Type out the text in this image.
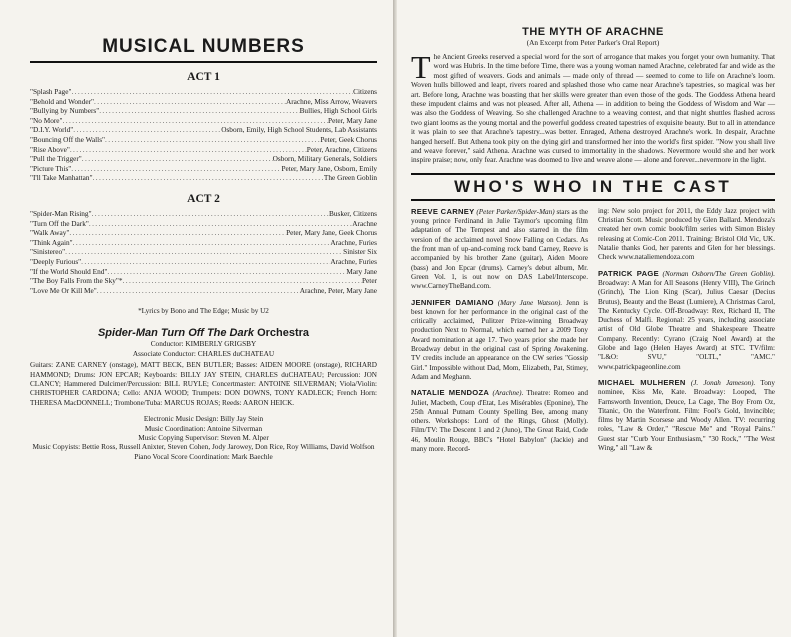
MUSICAL NUMBERS
ACT 1
"Splash Page" .....	Citizens
"Behold and Wonder" .....	Arachne, Miss Arrow, Weavers
"Bullying by Numbers" .....	Bullies, High School Girls
"No More" .....	Peter, Mary Jane
"D.I.Y. World" .....	Osborn, Emily, High School Students, Lab Assistants
"Bouncing Off the Walls" .....	Peter, Geek Chorus
"Rise Above" .....	Peter, Arachne, Citizens
"Pull the Trigger" .....	Osborn, Military Generals, Soldiers
"Picture This" .....	Peter, Mary Jane, Osborn, Emily
"I'll Take Manhattan" .....	The Green Goblin
ACT 2
"Spider-Man Rising" .....	Busker, Citizens
"Turn Off the Dark" .....	Arachne
"Walk Away" .....	Peter, Mary Jane, Geek Chorus
"Think Again" .....	Arachne, Furies
"Sinistereo" .....	Sinister Six
"Deeply Furious" .....	Arachne, Furies
"If the World Should End" .....	Mary Jane
"The Boy Falls From the Sky"* .....	Peter
"Love Me Or Kill Me" .....	Arachne, Peter, Mary Jane
*Lyrics by Bono and The Edge; Music by U2
Spider-Man Turn Off The Dark Orchestra
Conductor: KIMBERLY GRIGSBY
Associate Conductor: CHARLES duCHATEAU
Guitars: ZANE CARNEY (onstage), MATT BECK, BEN BUTLER; Basses: AIDEN MOORE (onstage), RICHARD HAMMOND; Drums: JON EPCAR; Keyboards: BILLY JAY STEIN, CHARLES duCHATEAU; Percussion: JON CLANCY; Hammered Dulcimer/Percussion: BILL RUYLE; Concertmaster: ANTOINE SILVERMAN; Viola/Violin: CHRISTOPHER CARDONA; Cello: ANJA WOOD; Trumpets: DON DOWNS, TONY KADLECK; French Horn: THERESA MacDONNELL; Trombone/Tuba: MARCUS ROJAS; Reeds: AARON HEICK.
Electronic Music Design: Billy Jay Stein
Music Coordination: Antoine Silverman
Music Copying Supervisor: Steven M. Alper
Music Copyists: Bettie Ross, Russell Anixter, Steven Cohen, Jody Jarowey, Don Rice, Roy Williams, David Wolfson
Piano Vocal Score Coordination: Mark Baechle
THE MYTH OF ARACHNE
(An Excerpt from Peter Parker's Oral Report)
The Ancient Greeks reserved a special word for the sort of arrogance that makes you forget your own humanity. That word was Hubris. In the time before Time, there was a young woman named Arachne, celebrated far and wide as the most gifted of weavers. Gods and animals — made only of thread — seemed to come to life on Arachne's loom. Woven hulls billowed and leapt, rivers roared and splashed those who came near Arachne's tapestries, so magical was her art. Before long, Arachne was boasting that her skills were greater than even those of the gods. The Goddess Athena heard these impudent claims and was not pleased. After all, Athena — in addition to being the Goddess of Wisdom and War — was also the Goddess of Weaving. So she challenged Arachne to a weaving contest, and that night shuttles flashed across two giant looms as the young mortal and the powerful goddess created tapestries of exquisite beauty. But to all in attendance it was plain to see that Arachne's tapestry...was better. Enraged, Athena destroyed Arachne's work. In despair, Arachne hanged herself. But Athena took pity on the dying girl and transformed her into the world's first spider. "Now you shall live and weave forever," said Athena. Arachne was cursed to immortality in the shadows. Nevermore would she and her work inspire praise; now, only fear. Arachne was doomed to live and weave alone — alone and forever...nevermore in the light.
WHO'S WHO IN THE CAST
REEVE CARNEY (Peter Parker/Spider-Man) stars as the young prince Ferdinand in Julie Taymor's upcoming film adaptation of The Tempest and also starred in the film version of the acclaimed novel Snow Falling on Cedars. As the front man of up-and-coming rock band Carney, Reeve is accompanied by his brother Zane (guitar), Aiden Moore (bass) and Jon Epcar (drums). Carney's debut album, Mr. Green Vol. 1, is out now on DAS Label/Interscope. www.CarneyTheBand.com.
JENNIFER DAMIANO (Mary Jane Watson). Jenn is best known for her performance in the original cast of the critically acclaimed, Pulitzer Prize-winning Broadway production Next to Normal, which earned her a 2009 Tony Award nomination at age 17. Two years prior she made her Broadway debut in the original cast of Spring Awakening. TV credits include an appearance on the CW series "Gossip Girl." Impossible without Dad, Mom, Elizabeth, Pat, Stimey, Adam and Meghann.
NATALIE MENDOZA (Arachne). Theatre: Romeo and Juliet, Macbeth, Coup d'Etat, Les Misérables (Eponine), The 25th Annual Putnam County Spelling Bee, among many others. Workshops: Lord of the Rings, Ghost (Molly). Film/TV: The Descent 1 and 2 (Juno), The Great Raid, Code 46, Moulin Rouge, BBC's "Hotel Babylon" (Jackie) and many more. Record-
ing: New solo project for 2011, the Eddy Jazz project with Christian Scott. Music produced by Glen Ballard. Mendoza's created her own comic book/film series with Simon Bisley releasing at Comic-Con 2011. Training: Bristol Old Vic, UK. Natalie thanks God, her parents and Glen for her blessings. Check www.nataliemendoza.com
PATRICK PAGE (Norman Osborn/The Green Goblin). Broadway: A Man for All Seasons (Henry VIII), The Grinch (Grinch), The Lion King (Scar), Julius Caesar (Decius Brutus), Beauty and the Beast (Lumiere), A Christmas Carol, The Kentucky Cycle. Off-Broadway: Rex, Richard II, The Duchess of Malfi. Regional: 25 years, including associate artist of Old Globe Theatre and Shakespeare Theatre Company. Recently: Cyrano (Craig Noel Award) at the Globe and Iago (Helen Hayes Award) at STC. TV/film: "L&O: SVU," "OLTL," "AMC." www.patrickpageonline.com
MICHAEL MULHEREN (J. Jonah Jameson). Tony nominee, Kiss Me, Kate. Broadway: Looped, The Farnsworth Invention, Deuce, La Cage, The Boy From Oz, Titanic, On the Waterfront. Film: Fool's Gold, Invincible; films by Martin Scorsese and Woody Allen. TV: recurring roles, "Law & Order," "Rescue Me" and "Royal Pains." Guest star "Curb Your Enthusiasm," "30 Rock," "The West Wing," all "Law &
